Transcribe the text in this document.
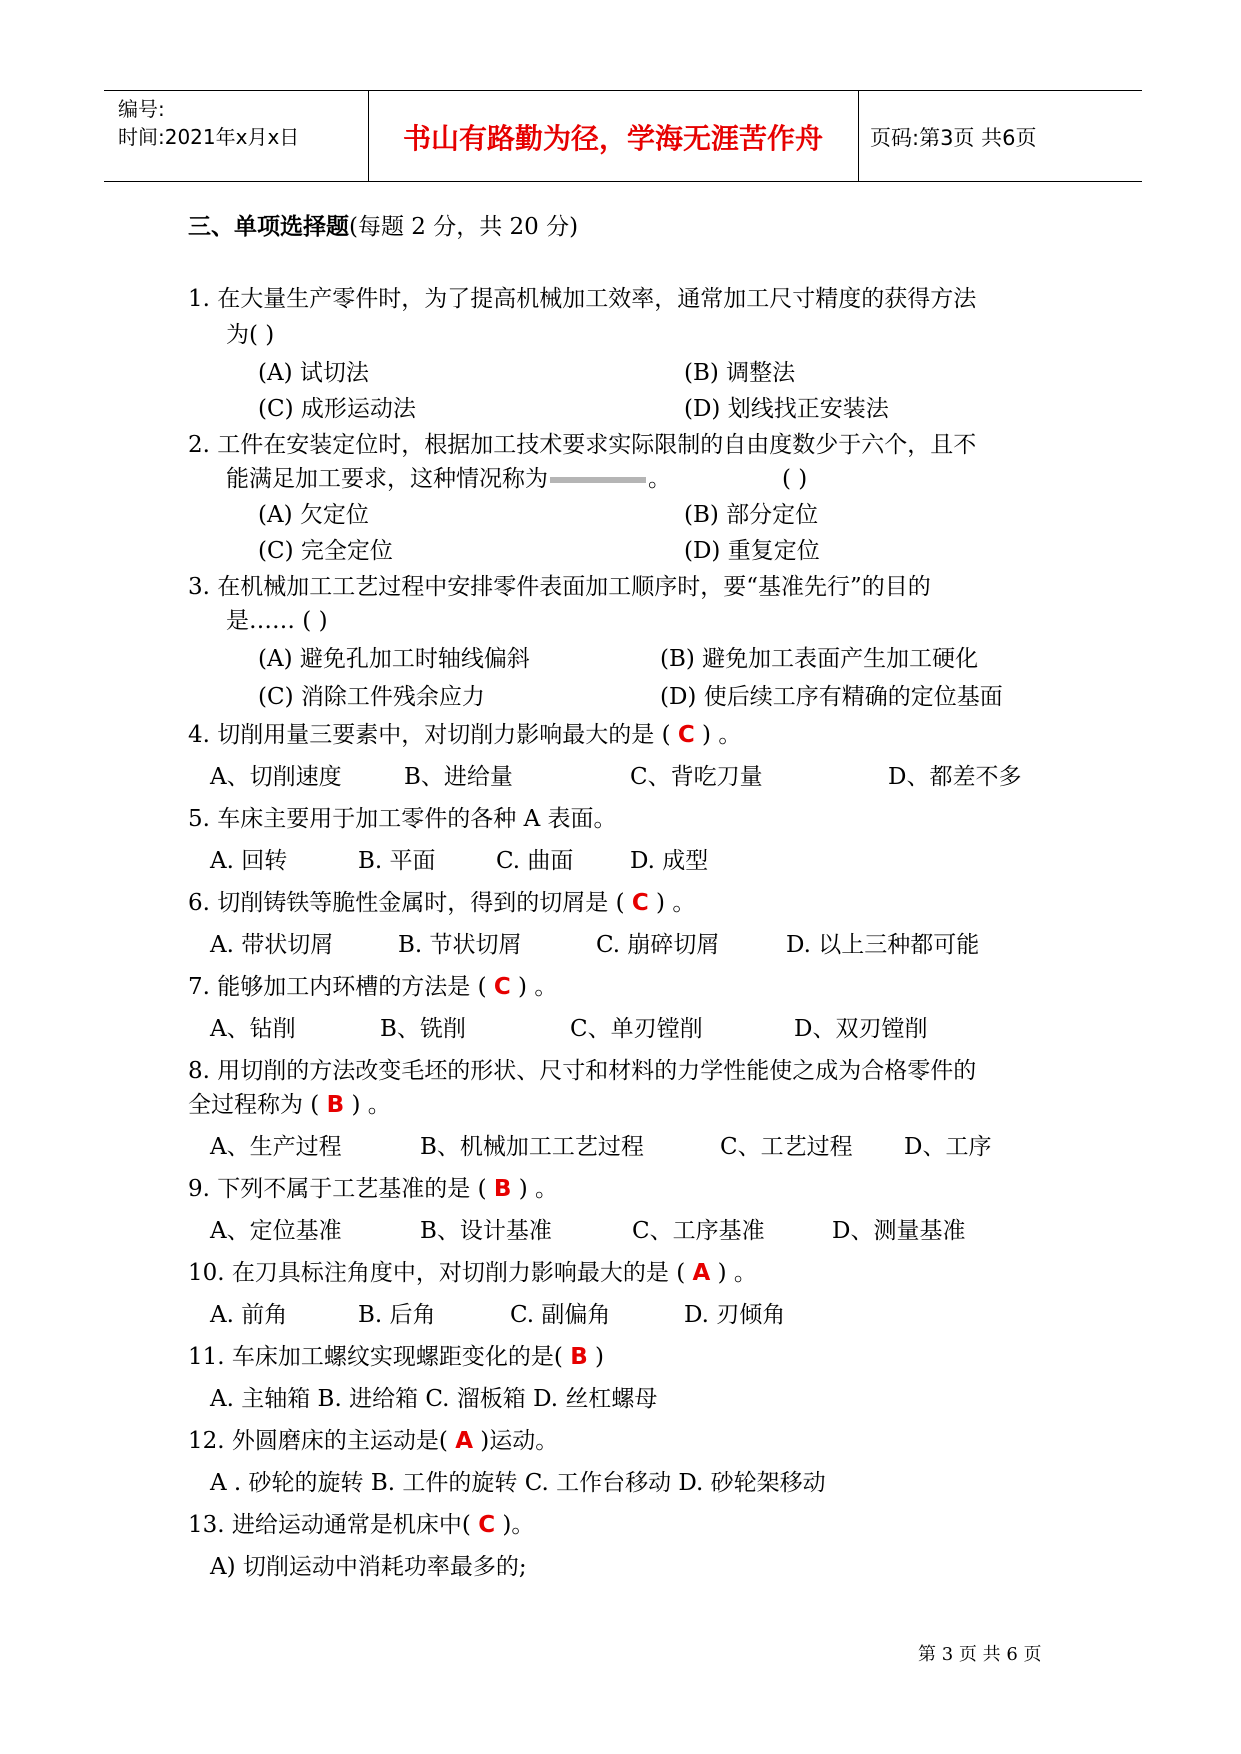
编号:
时间:2021年x月x日	书山有路勤为径，学海无涯苦作舟	页码:第3页 共6页
三、单项选择题(每题 2 分，共 20 分)
1. 在大量生产零件时，为了提高机械加工效率，通常加工尺寸精度的获得方法
为( )
(A) 试切法	(B) 调整法
(C) 成形运动法	(D) 划线找正安装法
2. 工件在安装定位时，根据加工技术要求实际限制的自由度数少于六个，且不
能满足加工要求，这种情况称为	。	( )
(A) 欠定位	(B) 部分定位
(C) 完全定位	(D) 重复定位
3. 在机械加工工艺过程中安排零件表面加工顺序时，要“基准先行”的目的
是…… ( )
(A) 避免孔加工时轴线偏斜	(B) 避免加工表面产生加工硬化
(C) 消除工件残余应力	(D) 使后续工序有精确的定位基面
4. 切削用量三要素中，对切削力影响最大的是 ( C ) 。
A、切削速度	B、进给量	C、背吃刀量	D、都差不多
5. 车床主要用于加工零件的各种 A 表面。
A. 回转	B. 平面	C. 曲面 D. 成型
6. 切削铸铁等脆性金属时，得到的切屑是 ( C ) 。
A. 带状切屑	B. 节状切屑	C. 崩碎切屑	D. 以上三种都可能
7. 能够加工内环槽的方法是 ( C ) 。
A、钻削	B、铣削	C、单刃镗削	D、双刃镗削
8. 用切削的方法改变毛坯的形状、尺寸和材料的力学性能使之成为合格零件的
全过程称为 ( B ) 。
A、生产过程	B、机械加工工艺过程	C、工艺过程 D、工序
9. 下列不属于工艺基准的是 ( B ) 。
A、定位基准	B、设计基准	C、工序基准	D、测量基准
10. 在刀具标注角度中，对切削力影响最大的是 ( A ) 。
A. 前角	B. 后角	C. 副偏角	D. 刃倾角
11. 车床加工螺纹实现螺距变化的是( B )
A. 主轴箱 B. 进给箱 C. 溜板箱 D. 丝杠螺母
12. 外圆磨床的主运动是( A )运动。
A . 砂轮的旋转 B. 工件的旋转 C. 工作台移动 D. 砂轮架移动
13. 进给运动通常是机床中( C )。
A) 切削运动中消耗功率最多的;
第 3 页 共 6 页
